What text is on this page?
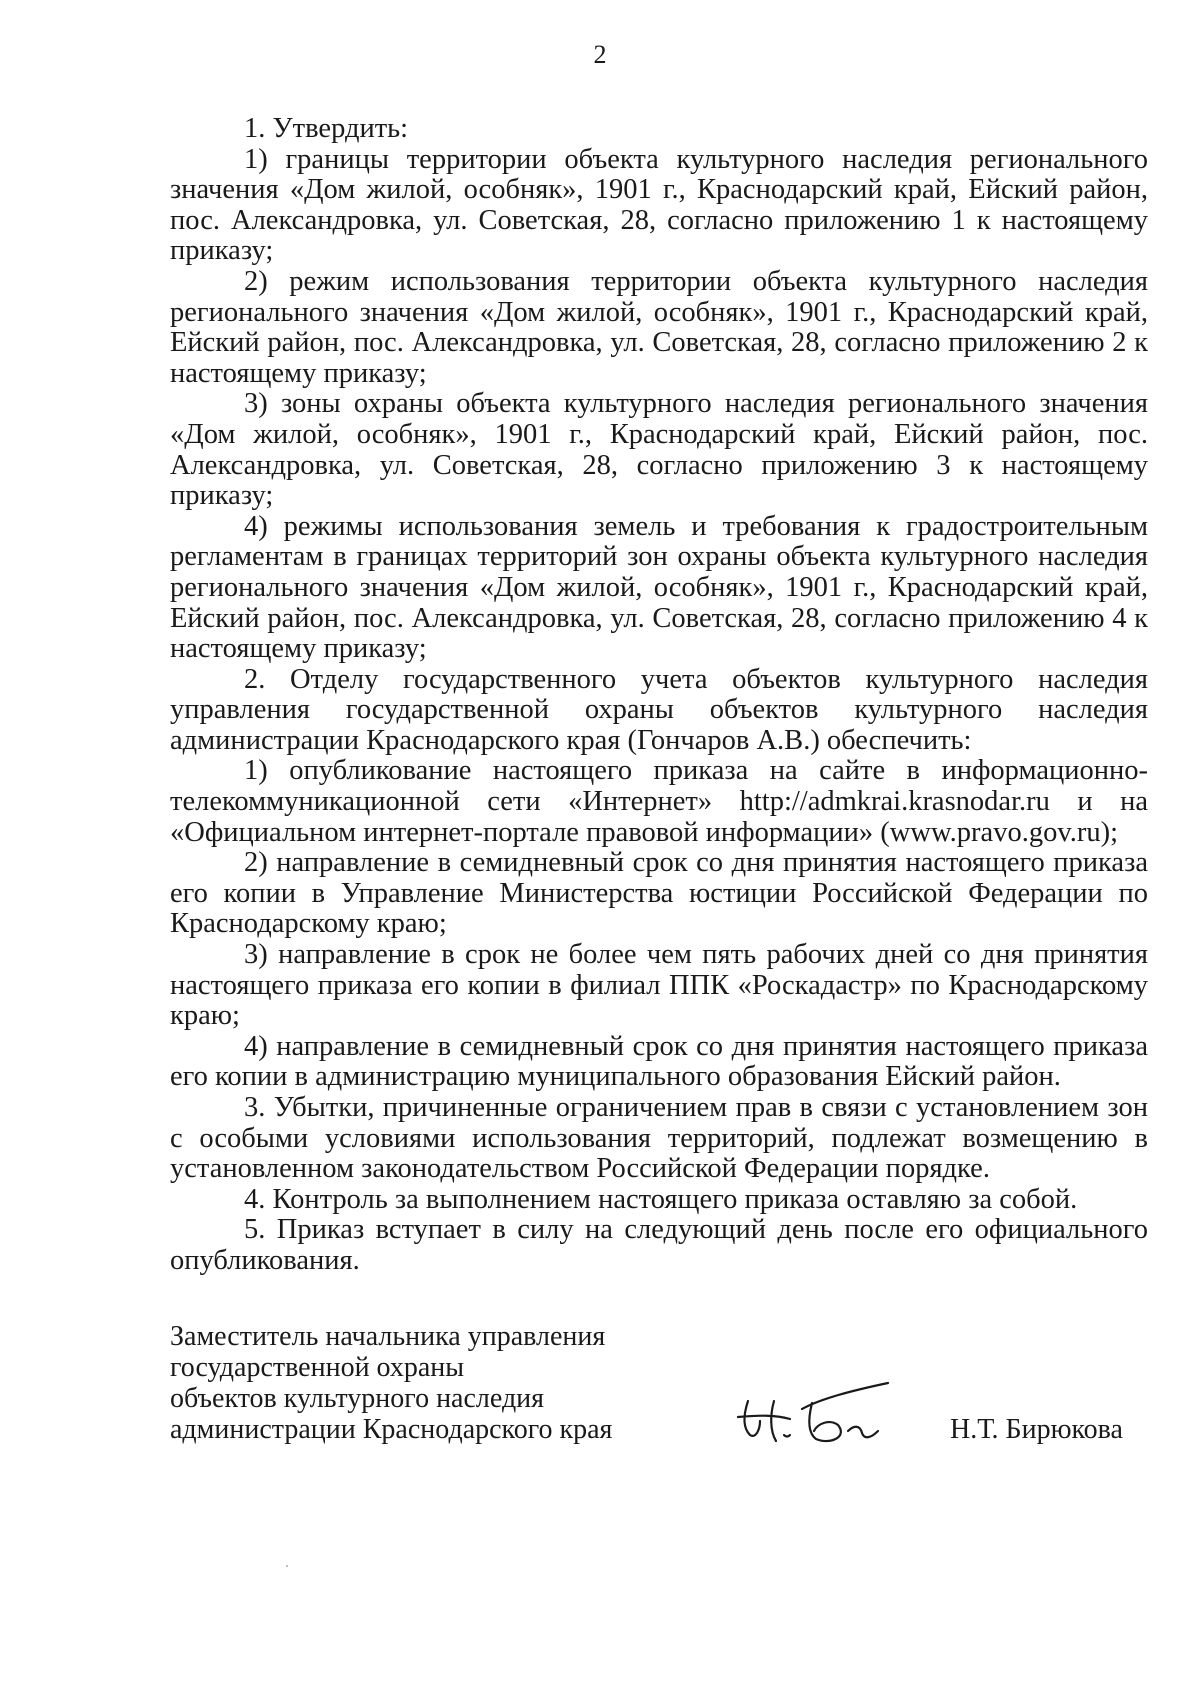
2

1. Утвердить:

1) границы территории объекта культурного наследия регионального значения «Дом жилой, особняк», 1901 г., Краснодарский край, Ейский район, пос. Александровка, ул. Советская, 28, согласно приложению 1 к настоящему приказу;

2) режим использования территории объекта культурного наследия регионального значения «Дом жилой, особняк», 1901 г., Краснодарский край, Ейский район, пос. Александровка, ул. Советская, 28, согласно приложению 2 к настоящему приказу;

3) зоны охраны объекта культурного наследия регионального значения «Дом жилой, особняк», 1901 г., Краснодарский край, Ейский район, пос. Александровка, ул. Советская, 28, согласно приложению 3 к настоящему приказу;

4) режимы использования земель и требования к градостроительным регламентам в границах территорий зон охраны объекта культурного наследия регионального значения «Дом жилой, особняк», 1901 г., Краснодарский край, Ейский район, пос. Александровка, ул. Советская, 28, согласно приложению 4 к настоящему приказу;

2. Отделу государственного учета объектов культурного наследия управления государственной охраны объектов культурного наследия администрации Краснодарского края (Гончаров А.В.) обеспечить:

1) опубликование настоящего приказа на сайте в информационно-телекоммуникационной сети «Интернет» http://admkrai.krasnodar.ru и на «Официальном интернет-портале правовой информации» (www.pravo.gov.ru);

2) направление в семидневный срок со дня принятия настоящего приказа его копии в Управление Министерства юстиции Российской Федерации по Краснодарскому краю;

3) направление в срок не более чем пять рабочих дней со дня принятия настоящего приказа его копии в филиал ППК «Роскадастр» по Краснодарскому краю;

4) направление в семидневный срок со дня принятия настоящего приказа его копии в администрацию муниципального образования Ейский район.

3. Убытки, причиненные ограничением прав в связи с установлением зон с особыми условиями использования территорий, подлежат возмещению в установленном законодательством Российской Федерации порядке.

4. Контроль за выполнением настоящего приказа оставляю за собой.

5. Приказ вступает в силу на следующий день после его официального опубликования.

Заместитель начальника управления
государственной охраны
объектов культурного наследия
администрации Краснодарского края	Н.Т. Бирюкова
